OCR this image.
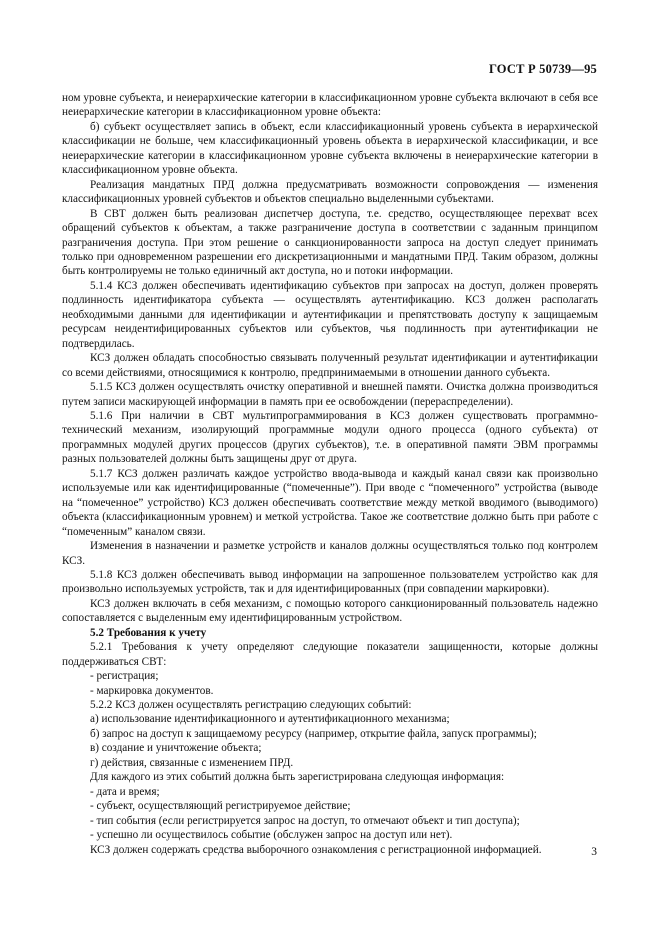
ГОСТ Р 50739—95

ном уровне субъекта, и неиерархические категории в классификационном уровне субъекта включают в себя все неиерархические категории в классификационном уровне объекта:

б) субъект осуществляет запись в объект, если классификационный уровень субъекта в иерархической классификации не больше, чем классификационный уровень объекта в иерархической классификации, и все неиерархические категории в классификационном уровне субъекта включены в неиерархические категории в классификационном уровне объекта.

Реализация мандатных ПРД должна предусматривать возможности сопровождения — изменения классификационных уровней субъектов и объектов специально выделенными субъектами.

В СВТ должен быть реализован диспетчер доступа, т.е. средство, осуществляющее перехват всех обращений субъектов к объектам, а также разграничение доступа в соответствии с заданным принципом разграничения доступа. При этом решение о санкционированности запроса на доступ следует принимать только при одновременном разрешении его дискретизационными и мандатными ПРД. Таким образом, должны быть контролируемы не только единичный акт доступа, но и потоки информации.

5.1.4 КСЗ должен обеспечивать идентификацию субъектов при запросах на доступ, должен проверять подлинность идентификатора субъекта — осуществлять аутентификацию. КСЗ должен располагать необходимыми данными для идентификации и аутентификации и препятствовать доступу к защищаемым ресурсам неидентифицированных субъектов или субъектов, чья подлинность при аутентификации не подтвердилась.

КСЗ должен обладать способностью связывать полученный результат идентификации и аутентификации со всеми действиями, относящимися к контролю, предпринимаемыми в отношении данного субъекта.

5.1.5 КСЗ должен осуществлять очистку оперативной и внешней памяти. Очистка должна производиться путем записи маскирующей информации в память при ее освобождении (перераспределении).

5.1.6 При наличии в СВТ мультипрограммирования в КСЗ должен существовать программно-технический механизм, изолирующий программные модули одного процесса (одного субъекта) от программных модулей других процессов (других субъектов), т.е. в оперативной памяти ЭВМ программы разных пользователей должны быть защищены друг от друга.

5.1.7 КСЗ должен различать каждое устройство ввода-вывода и каждый канал связи как произвольно используемые или как идентифицированные (“помеченные”). При вводе с “помеченного” устройства (выводе на “помеченное” устройство) КСЗ должен обеспечивать соответствие между меткой вводимого (выводимого) объекта (классификационным уровнем) и меткой устройства. Такое же соответствие должно быть при работе с “помеченным” каналом связи.

Изменения в назначении и разметке устройств и каналов должны осуществляться только под контролем КСЗ.

5.1.8 КСЗ должен обеспечивать вывод информации на запрошенное пользователем устройство как для произвольно используемых устройств, так и для идентифицированных (при совпадении маркировки).

КСЗ должен включать в себя механизм, с помощью которого санкционированный пользователь надежно сопоставляется с выделенным ему идентифицированным устройством.

5.2 Требования к учету

5.2.1 Требования к учету определяют следующие показатели защищенности, которые должны поддерживаться СВТ:

- регистрация;

- маркировка документов.

5.2.2 КСЗ должен осуществлять регистрацию следующих событий:

а) использование идентификационного и аутентификационного механизма;

б) запрос на доступ к защищаемому ресурсу (например, открытие файла, запуск программы);

в) создание и уничтожение объекта;

г) действия, связанные с изменением ПРД.

Для каждого из этих событий должна быть зарегистрирована следующая информация:

- дата и время;

- субъект, осуществляющий регистрируемое действие;

- тип события (если регистрируется запрос на доступ, то отмечают объект и тип доступа);

- успешно ли осуществилось событие (обслужен запрос на доступ или нет).

КСЗ должен содержать средства выборочного ознакомления с регистрационной информацией.	3
